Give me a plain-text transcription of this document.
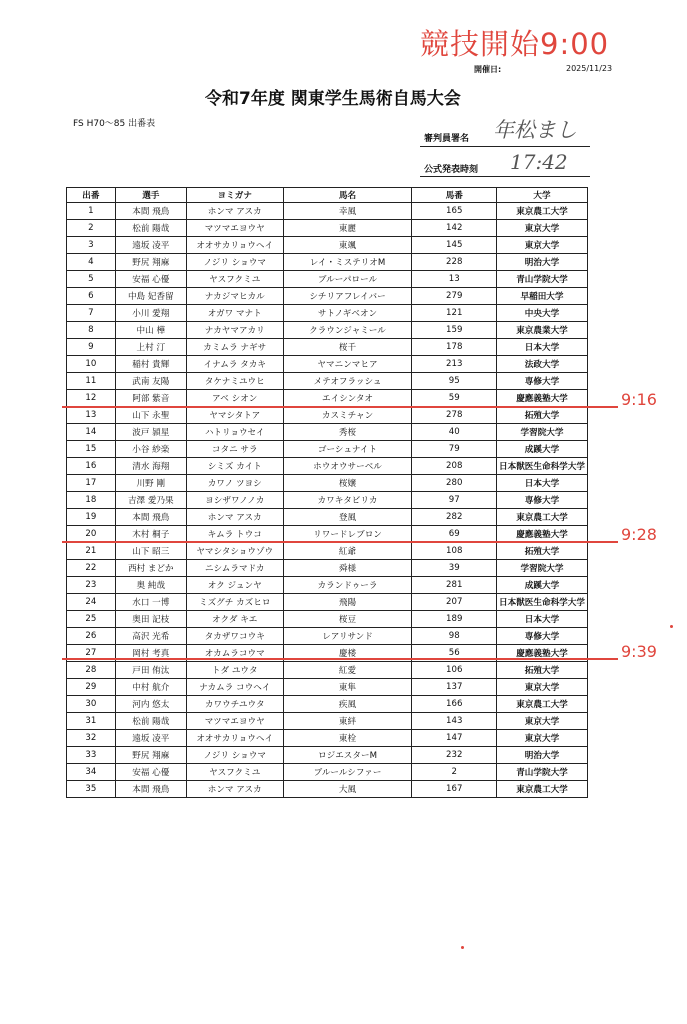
競技開始9:00
開催日:	2025/11/23
令和7年度 関東学生馬術自馬大会
FS H70～85 出番表
審判員署名 年松まし
公式発表時刻 17:42
出番	選手	ヨミガナ	馬名	馬番	大学
1	本間 飛鳥	ホンマ アスカ	幸風	165	東京農工大学
2	松前 陽哉	マツマエヨウヤ	東麗	142	東京大学
3	遠坂 凌平	オオサカリョウヘイ	東颯	145	東京大学
4	野尻 翔麻	ノジリ ショウマ	レイ・ミステリオM	228	明治大学
5	安福 心優	ヤスフクミユ	ブルーパロール	13	青山学院大学
6	中島 妃香留	ナカジマヒカル	シチリアフレイバー	279	早稲田大学
7	小川 愛翔	オガワ マナト	サトノギベオン	121	中央大学
8	中山 樺	ナカヤマアカリ	クラウンジャミール	159	東京農業大学
9	上村 汀	カミムラ ナギサ	桜千	178	日本大学
10	稲村 貴輝	イナムラ タカキ	ヤマニンマヒア	213	法政大学
11	武南 友陽	タケナミユウヒ	メテオフラッシュ	95	専修大学
12	阿部 紫音	アベ シオン	エイシンタオ	59	慶應義塾大学
13	山下 永聖	ヤマシタトア	カスミチャン	278	拓殖大学
14	波戸 頴星	ハトリョウセイ	秀桜	40	学習院大学
15	小谷 紗楽	コタニ サラ	ゴーシュナイト	79	成蹊大学
16	清水 海翔	シミズ カイト	ホウオウサーベル	208	日本獣医生命科学大学
17	川野 剛	カワノ ツヨシ	桜嬢	280	日本大学
18	吉澤 愛乃果	ヨシザワノノカ	カワキタビリカ	97	専修大学
19	本間 飛鳥	ホンマ アスカ	登風	282	東京農工大学
20	木村 桐子	キムラ トウコ	リワードレブロン	69	慶應義塾大学
21	山下 昭三	ヤマシタショウゾウ	紅爺	108	拓殖大学
22	西村 まどか	ニシムラマドカ	舜様	39	学習院大学
23	奥 純哉	オク ジュンヤ	カランドゥーラ	281	成蹊大学
24	水口 一博	ミズグチ カズヒロ	飛陽	207	日本獣医生命科学大学
25	奥田 記枝	オクダ キエ	桜豆	189	日本大学
26	高沢 光希	タカザワコウキ	レアリサンド	98	専修大学
27	岡村 考真	オカムラコウマ	慶楼	56	慶應義塾大学
28	戸田 侑汰	トダ ユウタ	紅愛	106	拓殖大学
29	中村 航介	ナカムラ コウヘイ	東隼	137	東京大学
30	河内 悠太	カワウチユウタ	疾風	166	東京農工大学
31	松前 陽哉	マツマエヨウヤ	東絆	143	東京大学
32	遠坂 凌平	オオサカリョウヘイ	東栓	147	東京大学
33	野尻 翔麻	ノジリ ショウマ	ロジエスターM	232	明治大学
34	安福 心優	ヤスフクミユ	ブルールシファー	2	青山学院大学
35	本間 飛鳥	ホンマ アスカ	大風	167	東京農工大学
9:16
9:28
9:39
